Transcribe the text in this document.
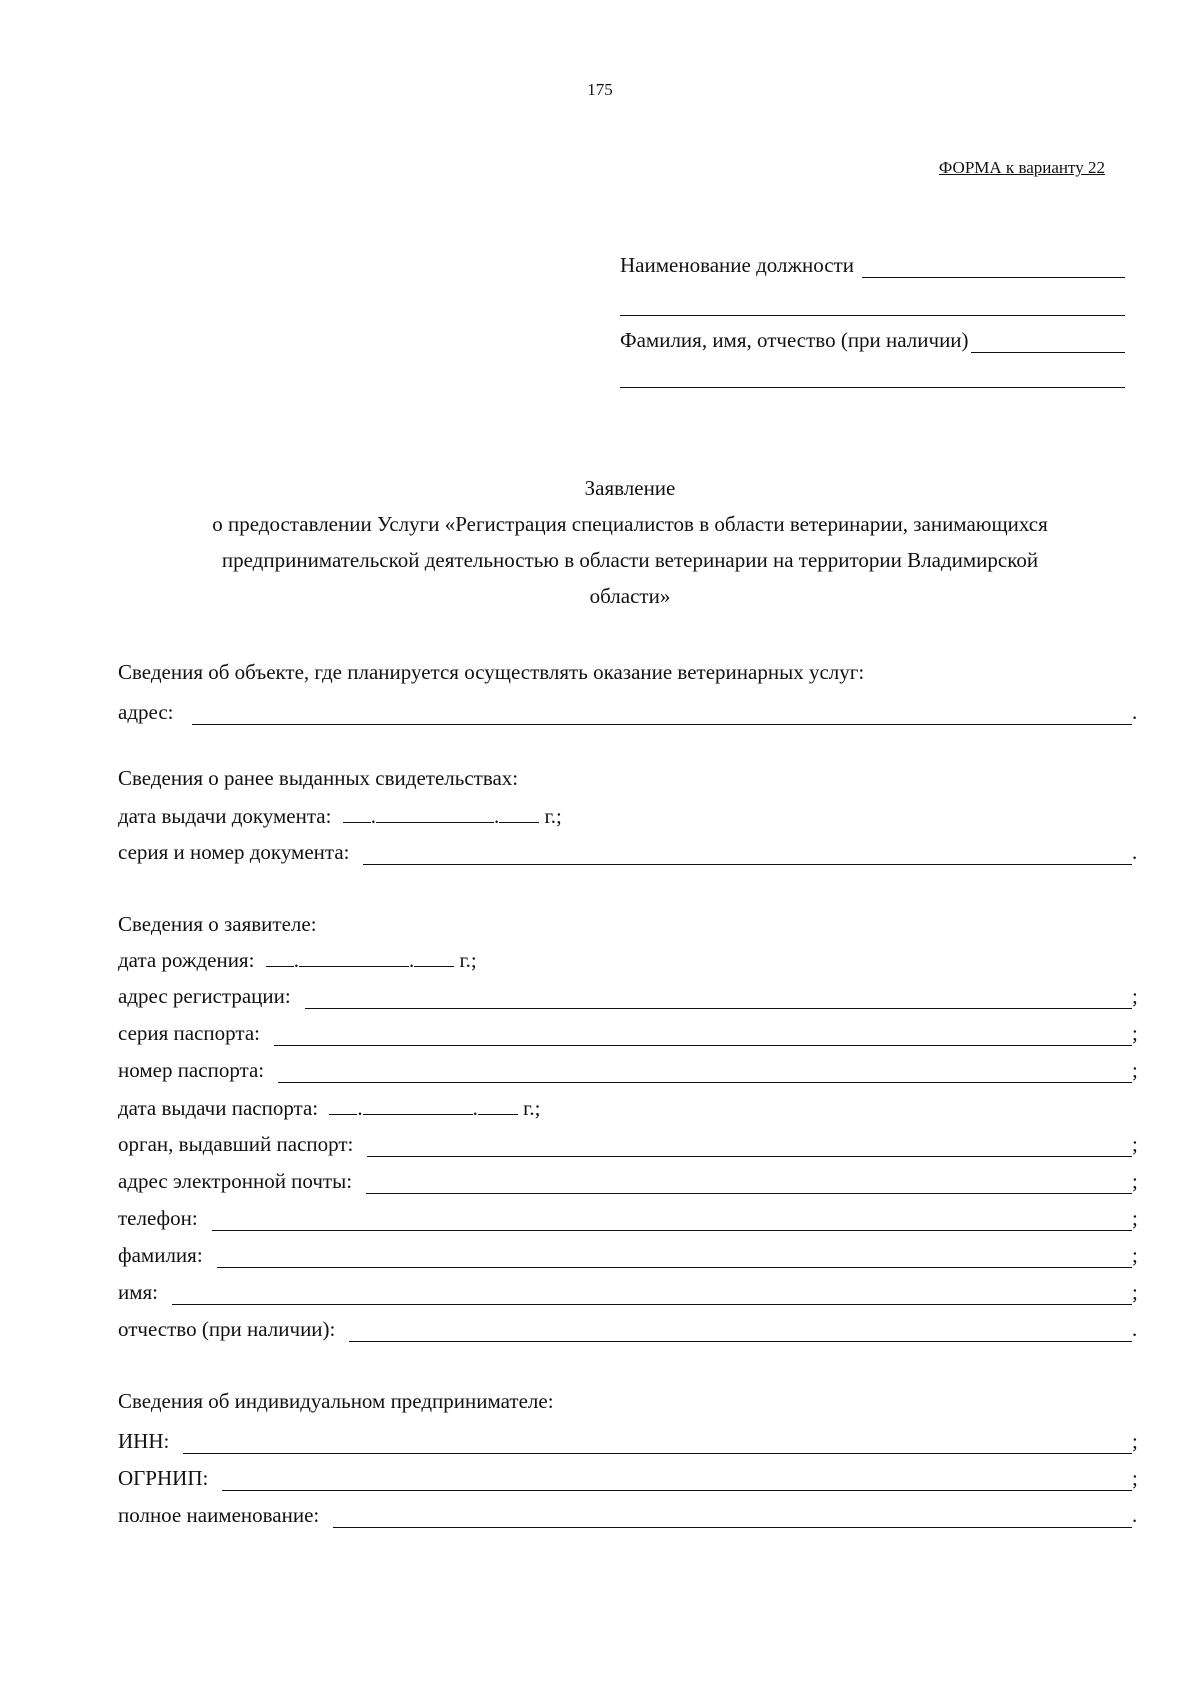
175
ФОРМА к варианту 22
Наименование должности
Фамилия, имя, отчество (при наличии)
Заявление
о предоставлении Услуги «Регистрация специалистов в области ветеринарии, занимающихся
предпринимательской деятельностью в области ветеринарии на территории Владимирской
области»
Сведения об объекте, где планируется осуществлять оказание ветеринарных услуг:
адрес:	.
Сведения о ранее выданных свидетельствах:
дата выдачи документа: .	. г.;
серия и номер документа:	.
Сведения о заявителе:
дата рождения: .	. г.;
адрес регистрации:	;
серия паспорта:	;
номер паспорта:	;
дата выдачи паспорта: .	. г.;
орган, выдавший паспорт:	;
адрес электронной почты:	;
телефон:	;
фамилия:	;
имя:	;
отчество (при наличии):	.
Сведения об индивидуальном предпринимателе:
ИНН:	;
ОГРНИП:	;
полное наименование:	.
